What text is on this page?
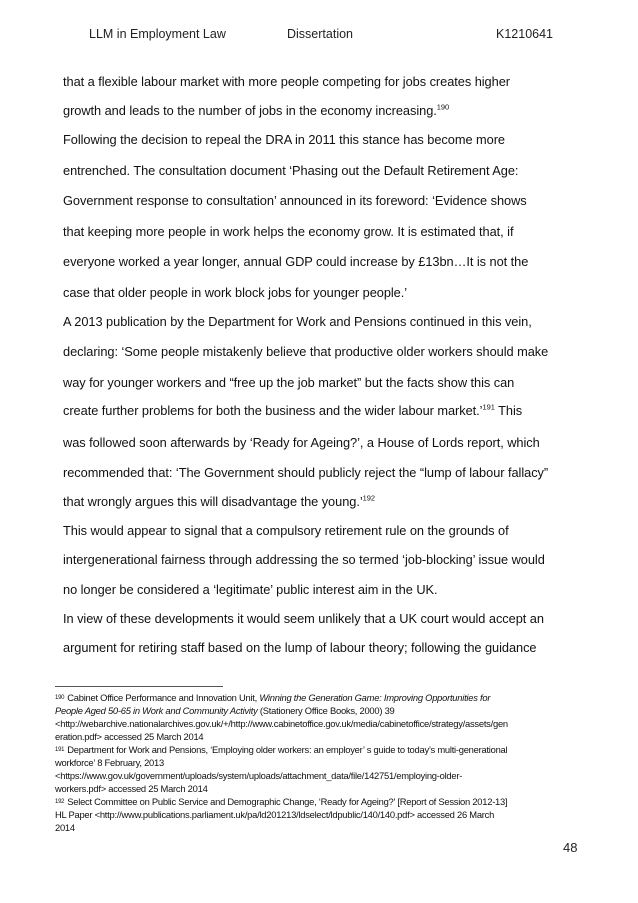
LLM in Employment Law	Dissertation	K1210641
that a flexible labour market with more people competing for jobs creates higher
growth and leads to the number of jobs in the economy increasing.$^{190}$
Following the decision to repeal the DRA in 2011 this stance has become more
entrenched. The consultation document ‘Phasing out the Default Retirement Age:
Government response to consultation’ announced in its foreword: ‘Evidence shows
that keeping more people in work helps the economy grow. It is estimated that, if
everyone worked a year longer, annual GDP could increase by £13bn…It is not the
case that older people in work block jobs for younger people.’
A 2013 publication by the Department for Work and Pensions continued in this vein,
declaring: ‘Some people mistakenly believe that productive older workers should make
way for younger workers and “free up the job market” but the facts show this can
create further problems for both the business and the wider labour market.’$^{191}$ This
was followed soon afterwards by ‘Ready for Ageing?’, a House of Lords report, which
recommended that: ‘The Government should publicly reject the “lump of labour fallacy”
that wrongly argues this will disadvantage the young.’$^{192}$
This would appear to signal that a compulsory retirement rule on the grounds of
intergenerational fairness through addressing the so termed ‘job-blocking’ issue would
no longer be considered a ‘legitimate’ public interest aim in the UK.
In view of these developments it would seem unlikely that a UK court would accept an
argument for retiring staff based on the lump of labour theory; following the guidance
$^{190}$ Cabinet Office Performance and Innovation Unit, Winning the Generation Game: Improving Opportunities for
People Aged 50-65 in Work and Community Activity (Stationery Office Books, 2000) 39
<http://webarchive.nationalarchives.gov.uk/+/http://www.cabinetoffice.gov.uk/media/cabinetoffice/strategy/assets/gen
eration.pdf> accessed 25 March 2014
$^{191}$ Department for Work and Pensions, ‘Employing older workers: an employer’ s guide to today’s multi-generational
workforce’ 8 February, 2013
<https://www.gov.uk/government/uploads/system/uploads/attachment_data/file/142751/employing-older-
workers.pdf> accessed 25 March 2014
$^{192}$ Select Committee on Public Service and Demographic Change, ‘Ready for Ageing?’ [Report of Session 2012-13]
HL Paper <http://www.publications.parliament.uk/pa/ld201213/ldselect/ldpublic/140/140.pdf> accessed 26 March
2014
48
